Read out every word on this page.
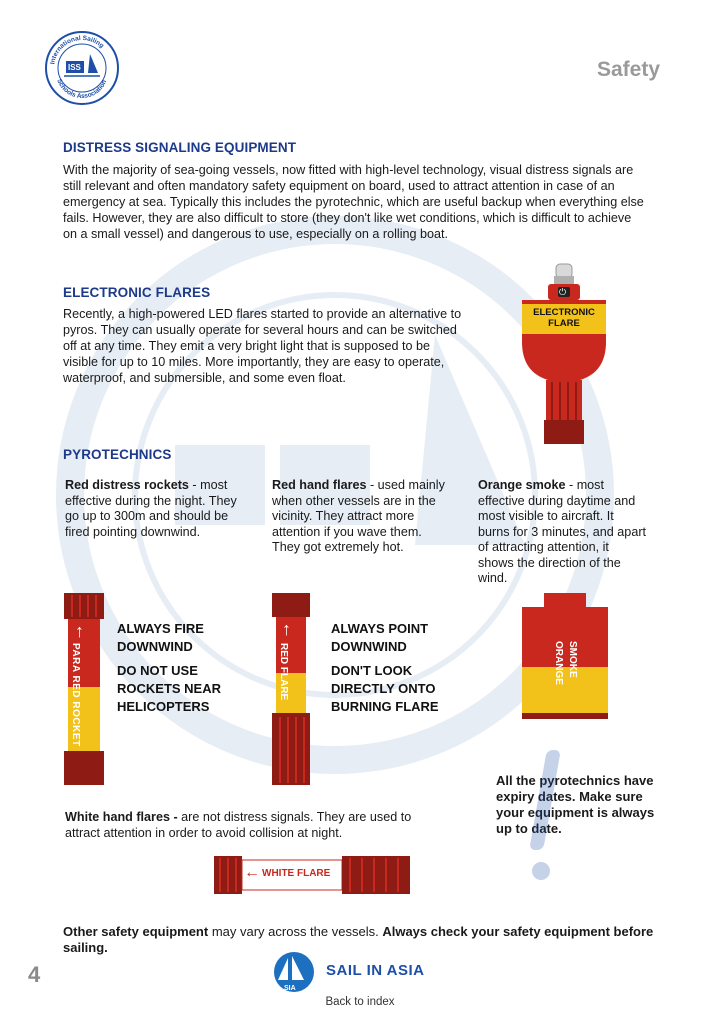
International Sailing
Schools Association
ISS	Safety
DISTRESS SIGNALING EQUIPMENT

With the majority of sea-going vessels, now fitted with high-level technology, visual distress signals are still relevant and often mandatory safety equipment on board, used to attract attention in case of an emergency at sea. Typically this includes the pyrotechnic, which are useful backup when everything else fails. However, they are also difficult to store (they don't like wet conditions, which is difficult to achieve on a small vessel) and dangerous to use, especially on a rolling boat.

ELECTRONIC FLARES

Recently, a high-powered LED flares started to provide an alternative to pyros. They can usually operate for several hours and can be switched off at any time. They emit a very bright light that is supposed to be visible for up to 10 miles. More importantly, they are easy to operate, waterproof, and submersible, and some even float.

⏻
ELECTRONIC
FLARE
PYROTECHNICS

Red distress rockets - most effective during the night. They go up to 300m and should be fired pointing downwind.

Red hand flares - used mainly when other vessels are in the vicinity. They attract more attention if you wave them. They got extremely hot.

Orange smoke - most effective during daytime and most visible to aircraft. It burns for 3 minutes, and apart of attracting attention, it shows the direction of the wind.

↑
PARA RED ROCKET
ALWAYS FIRE
DOWNWIND
DO NOT USE
ROCKETS NEAR
HELICOPTERS
↑
RED FLARE
ALWAYS POINT
DOWNWIND
DON'T LOOK
DIRECTLY ONTO
BURNING FLARE
ORANGE SMOKE
All the pyrotechnics have expiry dates. Make sure your equipment is always up to date.

White hand flares - are not distress signals. They are used to attract attention in order to avoid collision at night.

← WHITE FLARE
Other safety equipment may vary across the vessels. Always check your safety equipment before sailing.
4
SIA
SAIL IN ASIA
Back to index
